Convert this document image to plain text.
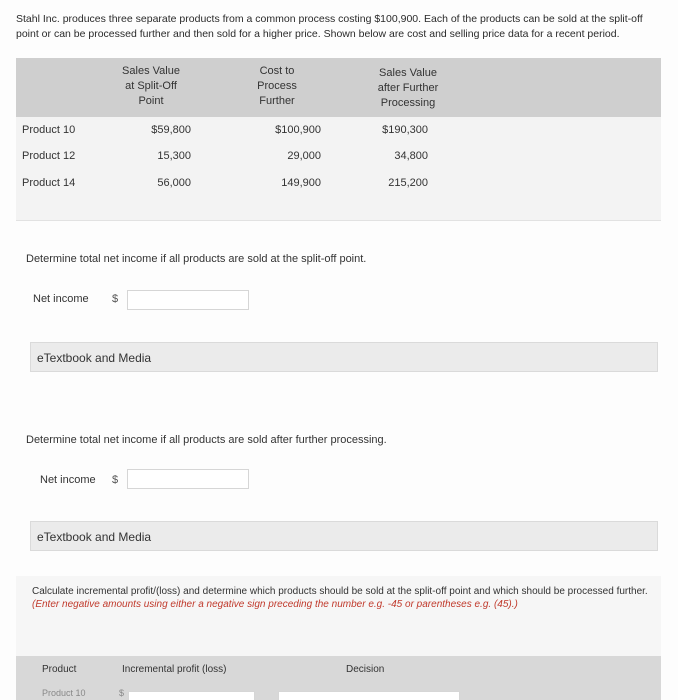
Stahl Inc. produces three separate products from a common process costing $100,900. Each of the products can be sold at the split-off point or can be processed further and then sold for a higher price. Shown below are cost and selling price data for a recent period.
Sales Value
at Split-Off
Point
Cost to
Process
Further
Sales Value
after Further
Processing
Product 10	$59,800	$100,900	$190,300
Product 12	15,300	29,000	34,800
Product 14	56,000	149,900	215,200
Determine total net income if all products are sold at the split-off point.
Net income $
eTextbook and Media
Determine total net income if all products are sold after further processing.
Net income $
eTextbook and Media
Calculate incremental profit/(loss) and determine which products should be sold at the split-off point and which should be processed further. (Enter negative amounts using either a negative sign preceding the number e.g. -45 or parentheses e.g. (45).)
Product	Incremental profit (loss)	Decision
Product 10	$
